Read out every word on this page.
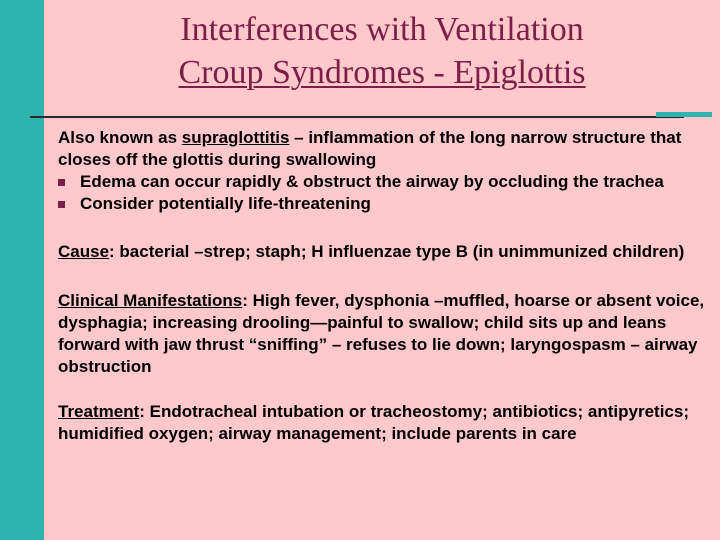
Interferences with Ventilation
Croup Syndromes - Epiglottis
Also known as supraglottitis – inflammation of the long narrow structure that closes off the glottis during swallowing
Edema can occur rapidly & obstruct the airway by occluding the trachea
Consider potentially life-threatening
Cause: bacterial –strep; staph; H influenzae type B (in unimmunized children)
Clinical Manifestations: High fever, dysphonia –muffled, hoarse or absent voice, dysphagia; increasing drooling—painful to swallow; child sits up and leans forward with jaw thrust “sniffing” – refuses to lie down; laryngospasm – airway obstruction
Treatment: Endotracheal intubation or tracheostomy; antibiotics; antipyretics; humidified oxygen; airway management; include parents in care
